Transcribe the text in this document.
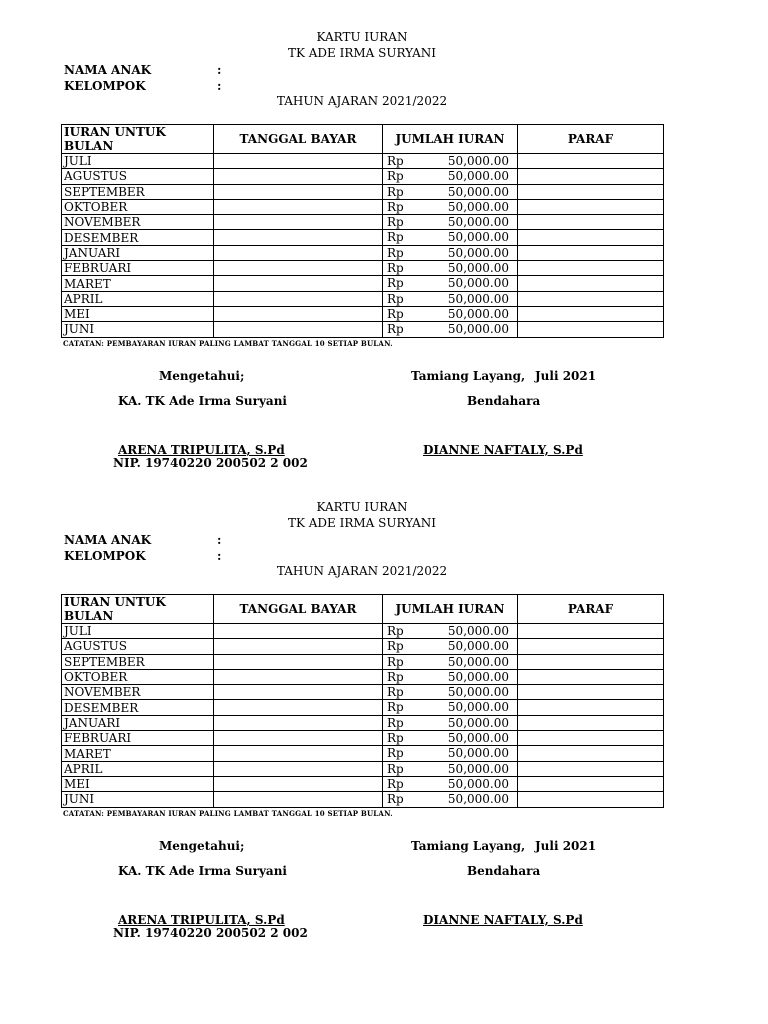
KARTU IURAN
TK ADE IRMA SURYANI
NAMA ANAK	:
KELOMPOK	:
TAHUN AJARAN 2021/2022
IURAN UNTUK BULAN	TANGGAL BAYAR	JUMLAH IURAN	PARAF
JULI		Rp 50,000.00	

AGUSTUS		Rp 50,000.00	

SEPTEMBER		Rp 50,000.00	

OKTOBER		Rp 50,000.00	

NOVEMBER		Rp 50,000.00	

DESEMBER		Rp 50,000.00	

JANUARI		Rp 50,000.00	

FEBRUARI		Rp 50,000.00	

MARET		Rp 50,000.00	

APRIL		Rp 50,000.00	

MEI		Rp 50,000.00	

JUNI		Rp 50,000.00	

CATATAN: PEMBAYARAN IURAN PALING LAMBAT TANGGAL 10 SETIAP BULAN.
Mengetahui;	Tamiang Layang, Juli 2021
KA. TK Ade Irma Suryani	Bendahara
ARENA TRIPULITA, S.Pd
NIP. 19740220 200502 2 002
DIANNE NAFTALY, S.Pd
KARTU IURAN
TK ADE IRMA SURYANI
NAMA ANAK	:
KELOMPOK	:
TAHUN AJARAN 2021/2022
IURAN UNTUK BULAN	TANGGAL BAYAR	JUMLAH IURAN	PARAF
JULI		Rp 50,000.00	

AGUSTUS		Rp 50,000.00	

SEPTEMBER		Rp 50,000.00	

OKTOBER		Rp 50,000.00	

NOVEMBER		Rp 50,000.00	

DESEMBER		Rp 50,000.00	

JANUARI		Rp 50,000.00	

FEBRUARI		Rp 50,000.00	

MARET		Rp 50,000.00	

APRIL		Rp 50,000.00	

MEI		Rp 50,000.00	

JUNI		Rp 50,000.00	

CATATAN: PEMBAYARAN IURAN PALING LAMBAT TANGGAL 10 SETIAP BULAN.
Mengetahui;	Tamiang Layang, Juli 2021
KA. TK Ade Irma Suryani	Bendahara
ARENA TRIPULITA, S.Pd
NIP. 19740220 200502 2 002
DIANNE NAFTALY, S.Pd
